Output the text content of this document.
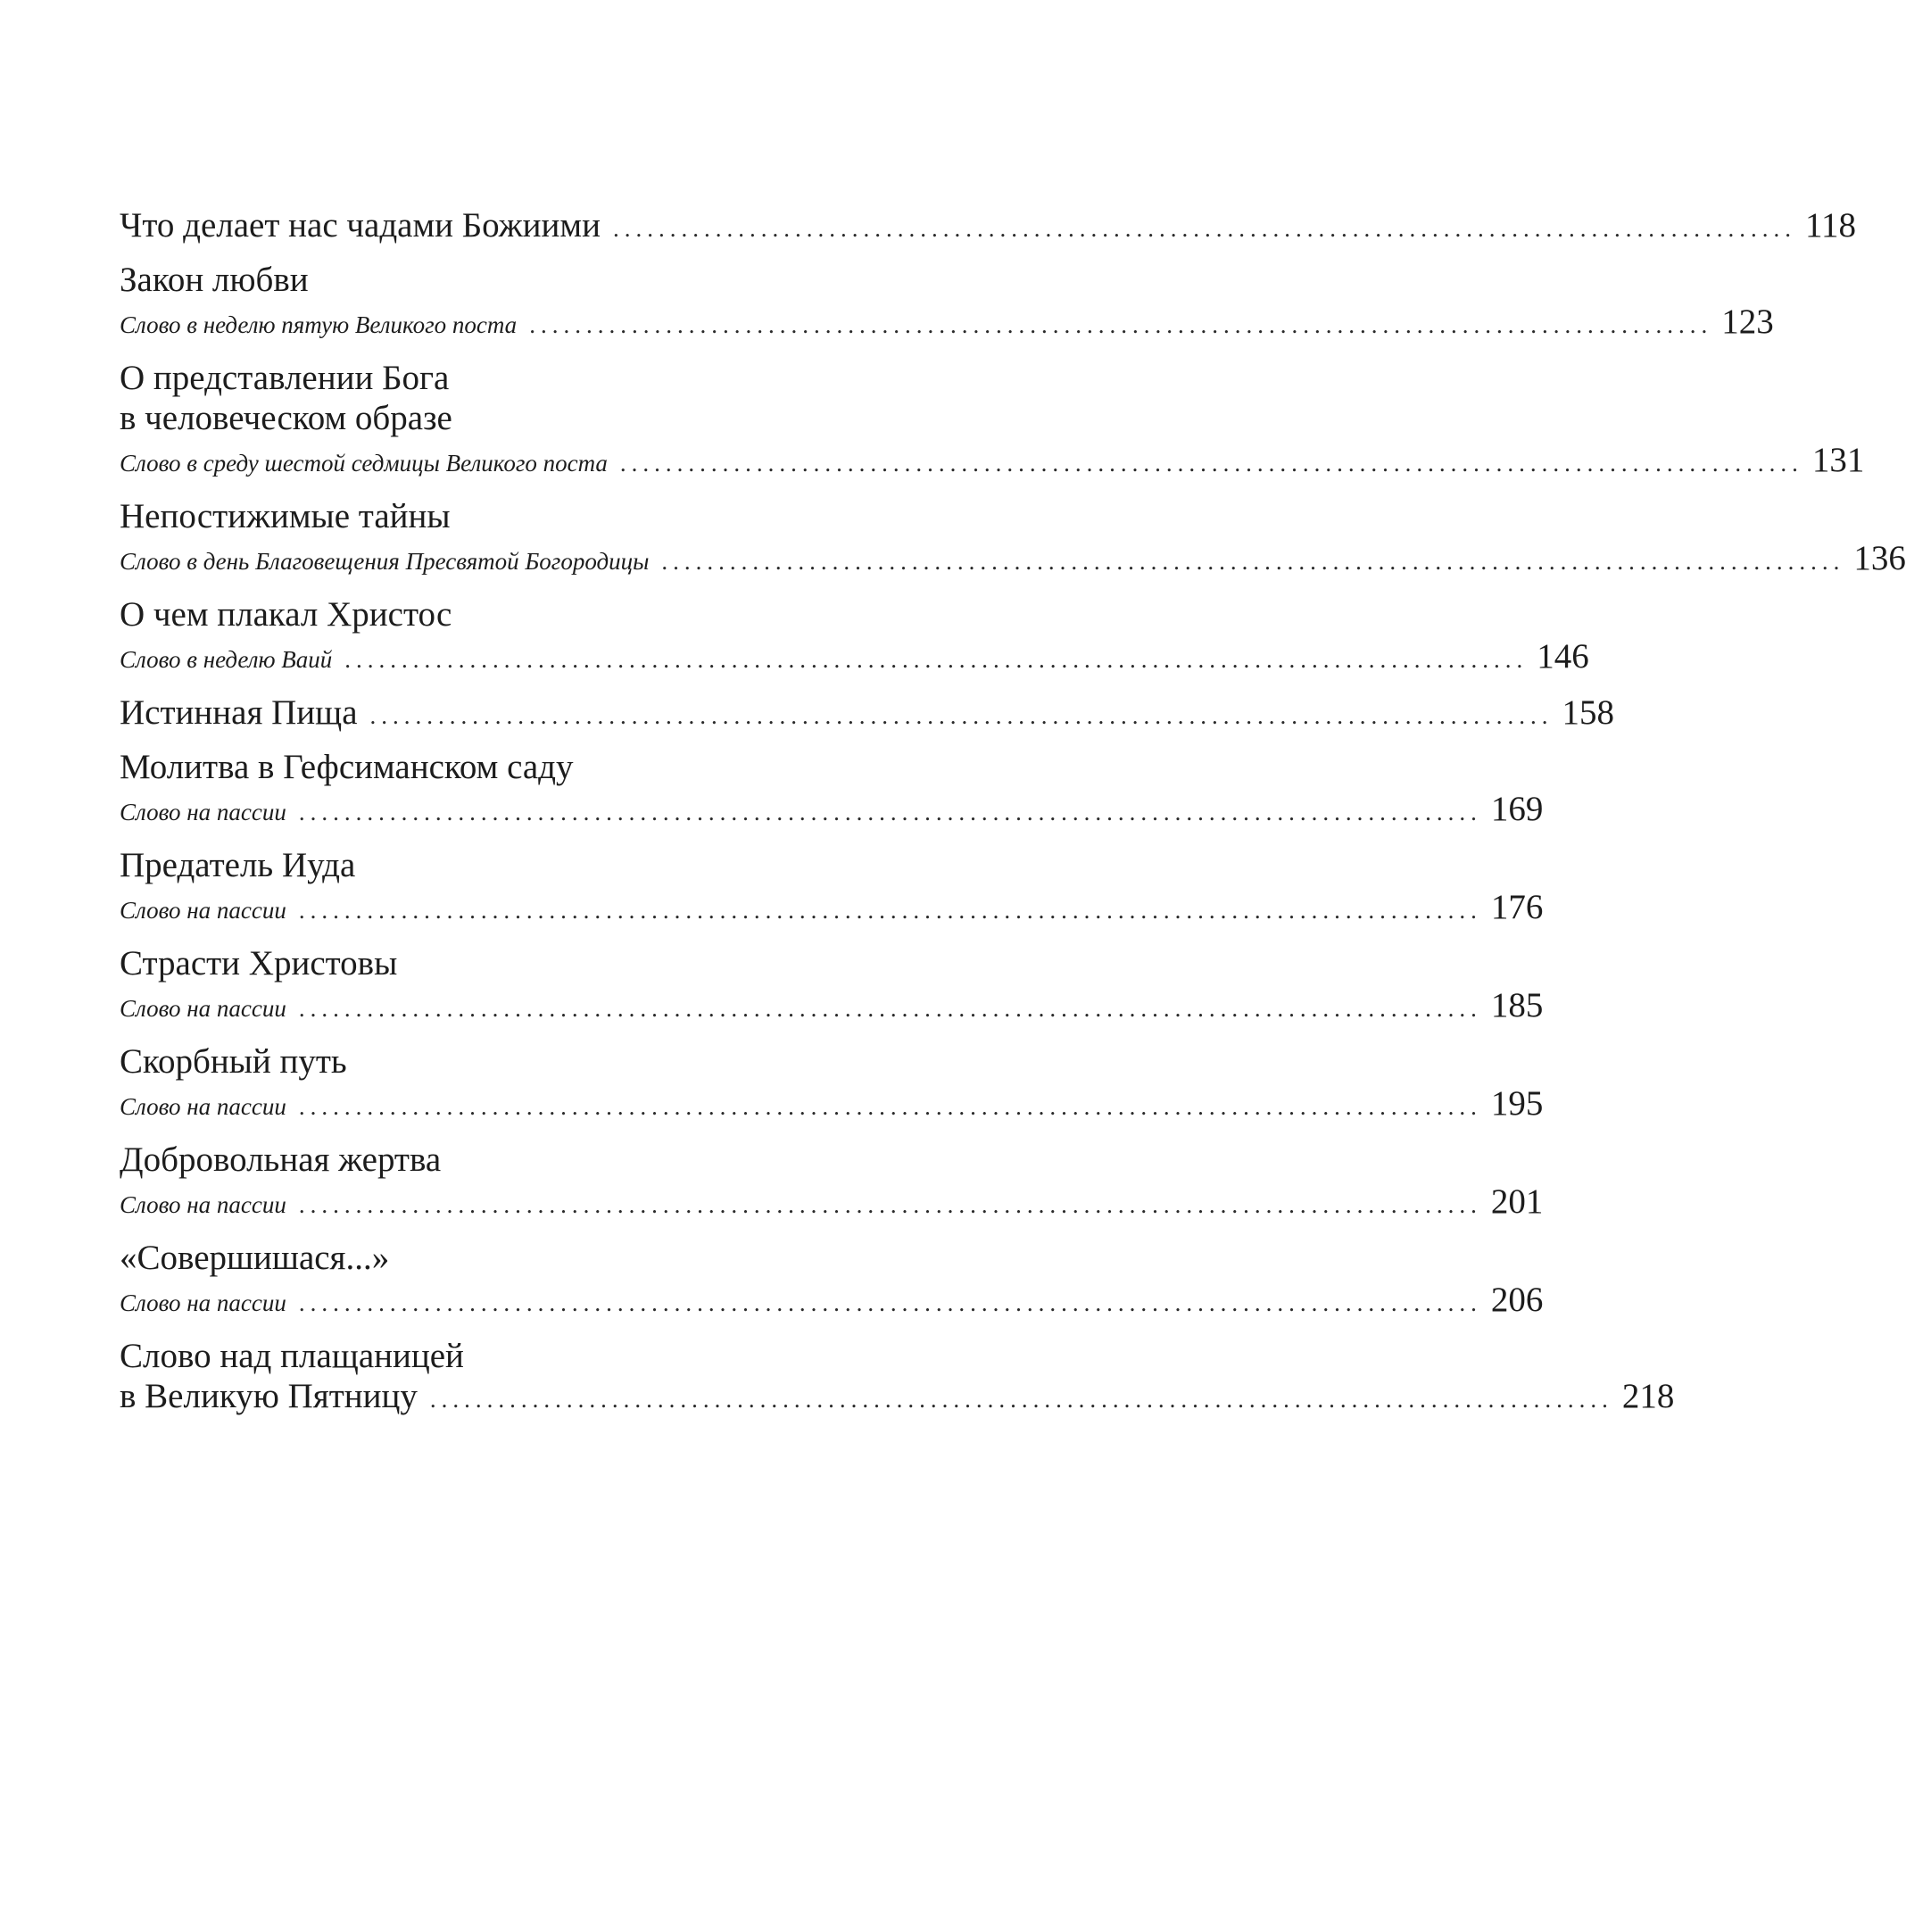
Что делает нас чадами Божиими ........................................................................................................ 118
Закон любви
Слово в неделю пятую Великого поста ........................................................................................................ 123
О представлении Бога
в человеческом образе
Слово в среду шестой седмицы Великого поста ........................................................................................................ 131
Непостижимые тайны
Слово в день Благовещения Пресвятой Богородицы ........................................................................................................ 136
О чем плакал Христос
Слово в неделю Ваий ........................................................................................................ 146
Истинная Пища ........................................................................................................ 158
Молитва в Гефсиманском саду
Слово на пассии ........................................................................................................ 169
Предатель Иуда
Слово на пассии ........................................................................................................ 176
Страсти Христовы
Слово на пассии ........................................................................................................ 185
Скорбный путь
Слово на пассии ........................................................................................................ 195
Добровольная жертва
Слово на пассии ........................................................................................................ 201
«Совершишася...»
Слово на пассии ........................................................................................................ 206
Слово над плащаницей
в Великую Пятницу ........................................................................................................ 218
